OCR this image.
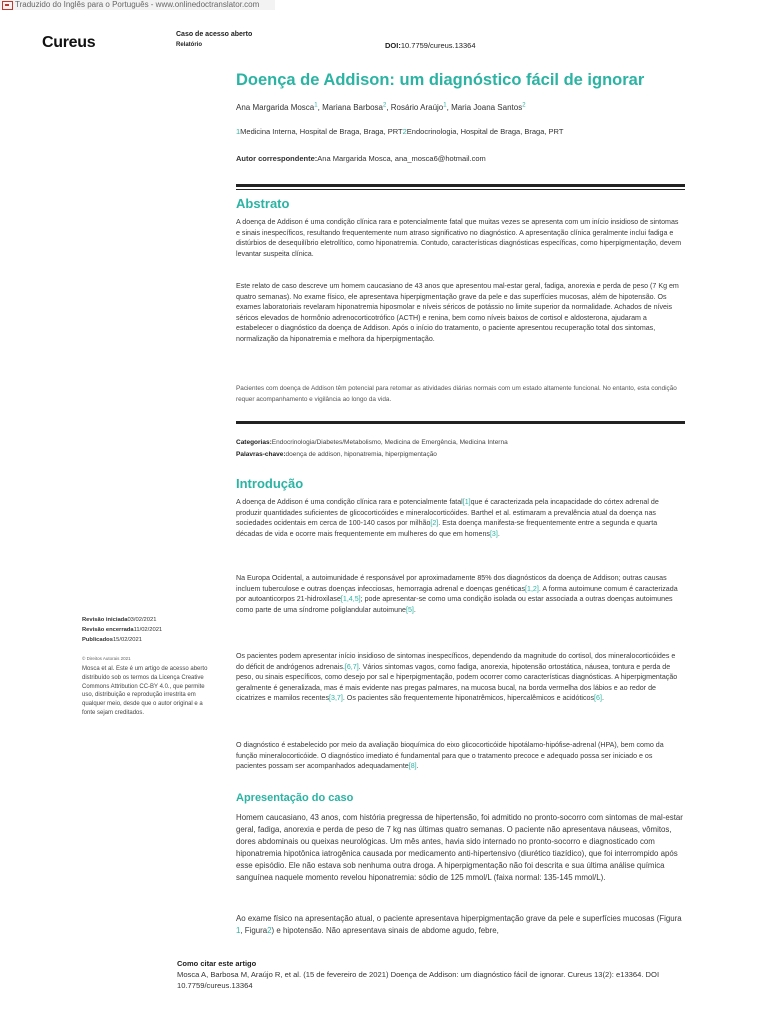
Traduzido do Inglês para o Português - www.onlinedoctranslator.com
Cureus	Caso de acesso aberto
Relatório	DOI:10.7759/cureus.13364
Doença de Addison: um diagnóstico fácil de ignorar
Ana Margarida Mosca$^1$, Mariana Barbosa$^2$, Rosário Araújo$^1$, Maria Joana Santos$^2$
1Medicina Interna, Hospital de Braga, Braga, PRT2Endocrinologia, Hospital de Braga, Braga, PRT
Autor correspondente:Ana Margarida Mosca, ana_mosca6@hotmail.com
Abstrato

A doença de Addison é uma condição clínica rara e potencialmente fatal que muitas vezes se apresenta com um início insidioso de sintomas e sinais inespecíficos, resultando frequentemente num atraso significativo no diagnóstico. A apresentação clínica geralmente inclui fadiga e distúrbios de desequilíbrio eletrolítico, como hiponatremia. Contudo, características diagnósticas específicas, como hiperpigmentação, devem levantar suspeita clínica.

Este relato de caso descreve um homem caucasiano de 43 anos que apresentou mal-estar geral, fadiga, anorexia e perda de peso (7 Kg em quatro semanas). No exame físico, ele apresentava hiperpigmentação grave da pele e das superfícies mucosas, além de hipotensão. Os exames laboratoriais revelaram hiponatremia hiposmolar e níveis séricos de potássio no limite superior da normalidade. Achados de níveis séricos elevados de hormônio adrenocorticotrófico (ACTH) e renina, bem como níveis baixos de cortisol e aldosterona, ajudaram a estabelecer o diagnóstico da doença de Addison. Após o início do tratamento, o paciente apresentou recuperação total dos sintomas, normalização da hiponatremia e melhora da hiperpigmentação.

Pacientes com doença de Addison têm potencial para retomar as atividades diárias normais com um estado altamente funcional. No entanto, esta condição requer acompanhamento e vigilância ao longo da vida.

Categorias:Endocrinologia/Diabetes/Metabolismo, Medicina de Emergência, Medicina Interna
Palavras-chave:doença de addison, hiponatremia, hiperpigmentação
Introdução

A doença de Addison é uma condição clínica rara e potencialmente fatal[1]que é caracterizada pela incapacidade do córtex adrenal de produzir quantidades suficientes de glicocorticóides e mineralocorticóides. Barthel et al. estimaram a prevalência atual da doença nas sociedades ocidentais em cerca de 100-140 casos por milhão[2]. Esta doença manifesta-se frequentemente entre a segunda e quarta décadas de vida e ocorre mais frequentemente em mulheres do que em homens[3].

Na Europa Ocidental, a autoimunidade é responsável por aproximadamente 85% dos diagnósticos da doença de Addison; outras causas incluem tuberculose e outras doenças infecciosas, hemorragia adrenal e doenças genéticas[1,2]. A forma autoimune comum é caracterizada por autoanticorpos 21-hidroxilase[1,4,5]; pode apresentar-se como uma condição isolada ou estar associada a outras doenças autoimunes como parte de uma síndrome poliglandular autoimune[5].

Os pacientes podem apresentar início insidioso de sintomas inespecíficos, dependendo da magnitude do cortisol, dos mineralocorticóides e do déficit de andrógenos adrenais.[6,7]. Vários sintomas vagos, como fadiga, anorexia, hipotensão ortostática, náusea, tontura e perda de peso, ou sinais específicos, como desejo por sal e hiperpigmentação, podem ocorrer como características diagnósticas. A hiperpigmentação geralmente é generalizada, mas é mais evidente nas pregas palmares, na mucosa bucal, na borda vermelha dos lábios e ao redor de cicatrizes e mamilos recentes[3,7]. Os pacientes são frequentemente hiponatrêmicos, hipercalêmicos e acidóticos[6].

O diagnóstico é estabelecido por meio da avaliação bioquímica do eixo glicocorticóide hipotálamo-hipófise-adrenal (HPA), bem como da função mineralocorticóide. O diagnóstico imediato é fundamental para que o tratamento precoce e adequado possa ser iniciado e os pacientes possam ser acompanhados adequadamente[8].

Apresentação do caso

Homem caucasiano, 43 anos, com história pregressa de hipertensão, foi admitido no pronto-socorro com sintomas de mal-estar geral, fadiga, anorexia e perda de peso de 7 kg nas últimas quatro semanas. O paciente não apresentava náuseas, vômitos, dores abdominais ou queixas neurológicas. Um mês antes, havia sido internado no pronto-socorro e diagnosticado com hiponatremia hipotônica iatrogênica causada por medicamento anti-hipertensivo (diurético tiazídico), que foi interrompido após esse episódio. Ele não estava sob nenhuma outra droga. A hiperpigmentação não foi descrita e sua última análise química sanguínea naquele momento revelou hiponatremia: sódio de 125 mmol/L (faixa normal: 135-145 mmol/L).

Ao exame físico na apresentação atual, o paciente apresentava hiperpigmentação grave da pele e superfícies mucosas (Figura 1, Figura2) e hipotensão. Não apresentava sinais de abdome agudo, febre,

Revisão iniciada03/02/2021
Revisão encerrada11/02/2021
Publicados15/02/2021
© Direitos Autorais 2021
Mosca et al. Este é um artigo de acesso aberto distribuído sob os termos da Licença Creative Commons Attribution CC-BY 4.0., que permite uso, distribuição e reprodução irrestrita em qualquer meio, desde que o autor original e a fonte sejam creditados.
Como citar este artigo
Mosca A, Barbosa M, Araújo R, et al. (15 de fevereiro de 2021) Doença de Addison: um diagnóstico fácil de ignorar. Cureus 13(2): e13364. DOI 10.7759/cureus.13364
